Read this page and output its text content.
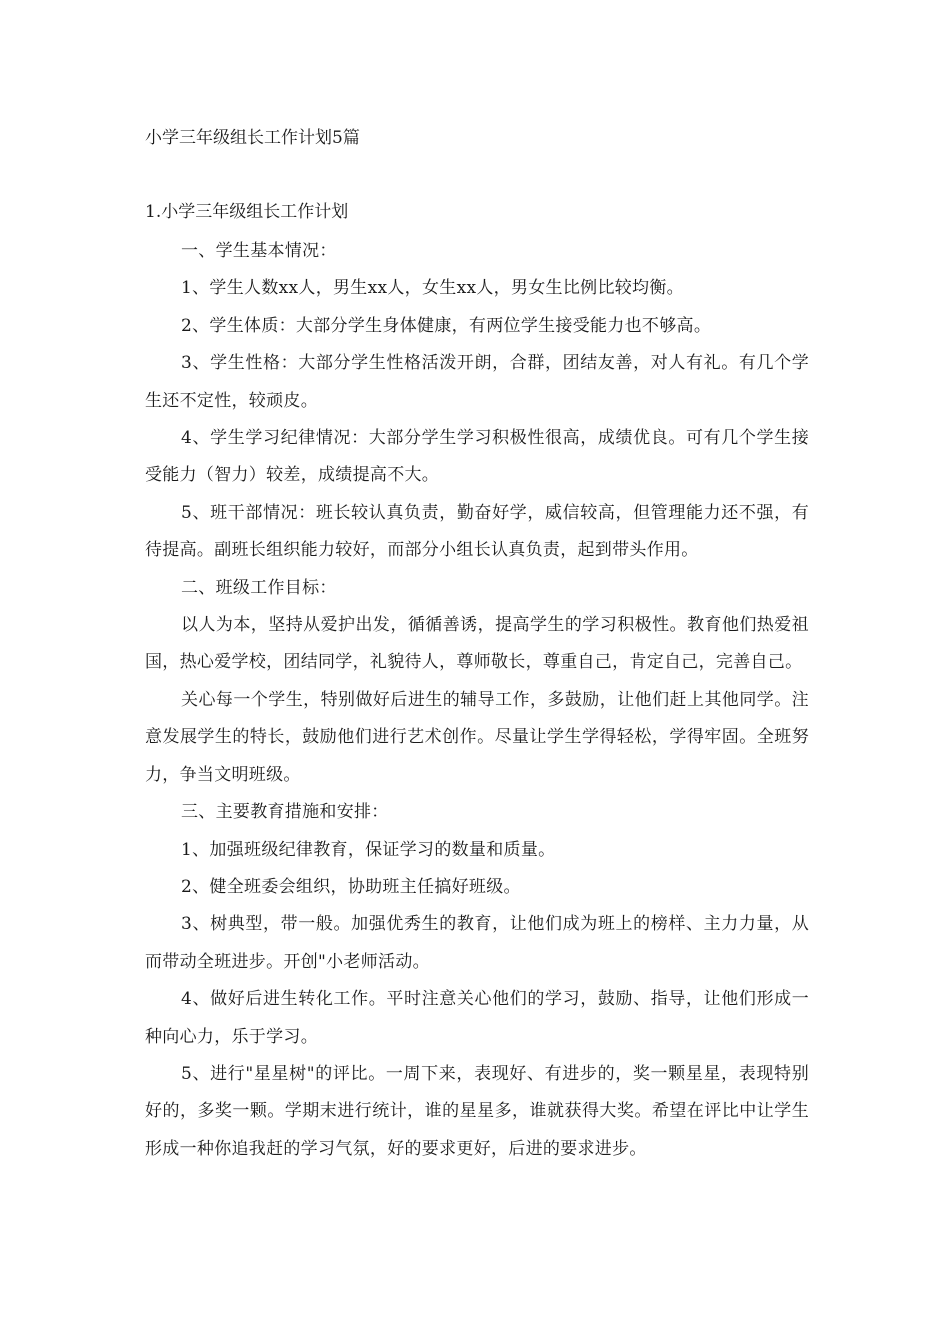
小学三年级组长工作计划5篇
1.小学三年级组长工作计划

一、学生基本情况：

1、学生人数xx人，男生xx人，女生xx人，男女生比例比较均衡。

2、学生体质：大部分学生身体健康，有两位学生接受能力也不够高。

3、学生性格：大部分学生性格活泼开朗，合群，团结友善，对人有礼。有几个学生还不定性，较顽皮。

4、学生学习纪律情况：大部分学生学习积极性很高，成绩优良。可有几个学生接受能力（智力）较差，成绩提高不大。

5、班干部情况：班长较认真负责，勤奋好学，威信较高，但管理能力还不强，有待提高。副班长组织能力较好，而部分小组长认真负责，起到带头作用。

二、班级工作目标：

以人为本，坚持从爱护出发，循循善诱，提高学生的学习积极性。教育他们热爱祖国，热心爱学校，团结同学，礼貌待人，尊师敬长，尊重自己，肯定自己，完善自己。

关心每一个学生，特别做好后进生的辅导工作，多鼓励，让他们赶上其他同学。注意发展学生的特长，鼓励他们进行艺术创作。尽量让学生学得轻松，学得牢固。全班努力，争当文明班级。

三、主要教育措施和安排：

1、加强班级纪律教育，保证学习的数量和质量。

2、健全班委会组织，协助班主任搞好班级。

3、树典型，带一般。加强优秀生的教育，让他们成为班上的榜样、主力力量，从而带动全班进步。开创"小老师活动。

4、做好后进生转化工作。平时注意关心他们的学习，鼓励、指导，让他们形成一种向心力，乐于学习。

5、进行"星星树"的评比。一周下来，表现好、有进步的，奖一颗星星，表现特别好的，多奖一颗。学期末进行统计，谁的星星多，谁就获得大奖。希望在评比中让学生形成一种你追我赶的学习气氛，好的要求更好，后进的要求进步。
